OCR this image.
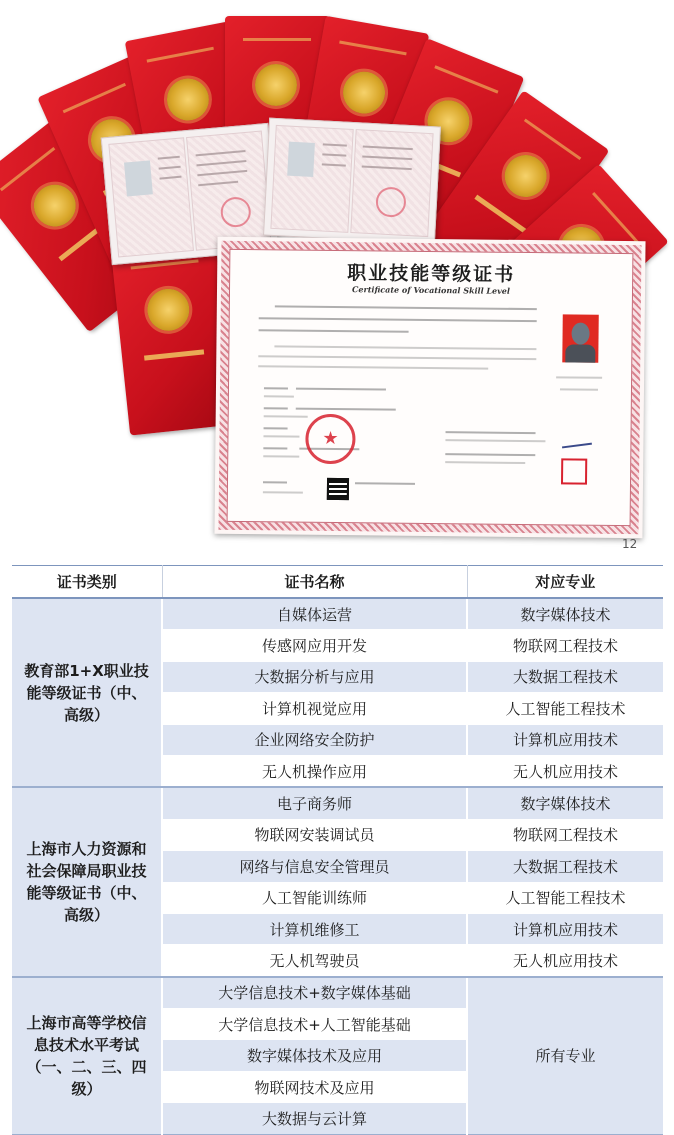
职业技能等级证书
Certificate of Vocational Skill Level
★
12
证书类别	证书名称	对应专业
教育部1+X职业技能等级证书（中、高级）	自媒体运营	数字媒体技术
	传感网应用开发	物联网工程技术
	大数据分析与应用	大数据工程技术
	计算机视觉应用	人工智能工程技术
	企业网络安全防护	计算机应用技术
	无人机操作应用	无人机应用技术
上海市人力资源和社会保障局职业技能等级证书（中、高级）	电子商务师	数字媒体技术
	物联网安装调试员	物联网工程技术
	网络与信息安全管理员	大数据工程技术
	人工智能训练师	人工智能工程技术
	计算机维修工	计算机应用技术
	无人机驾驶员	无人机应用技术
上海市高等学校信息技术水平考试（一、二、三、四级）	大学信息技术+数字媒体基础	所有专业
	大学信息技术+人工智能基础	
	数字媒体技术及应用	
	物联网技术及应用	
	大数据与云计算	
